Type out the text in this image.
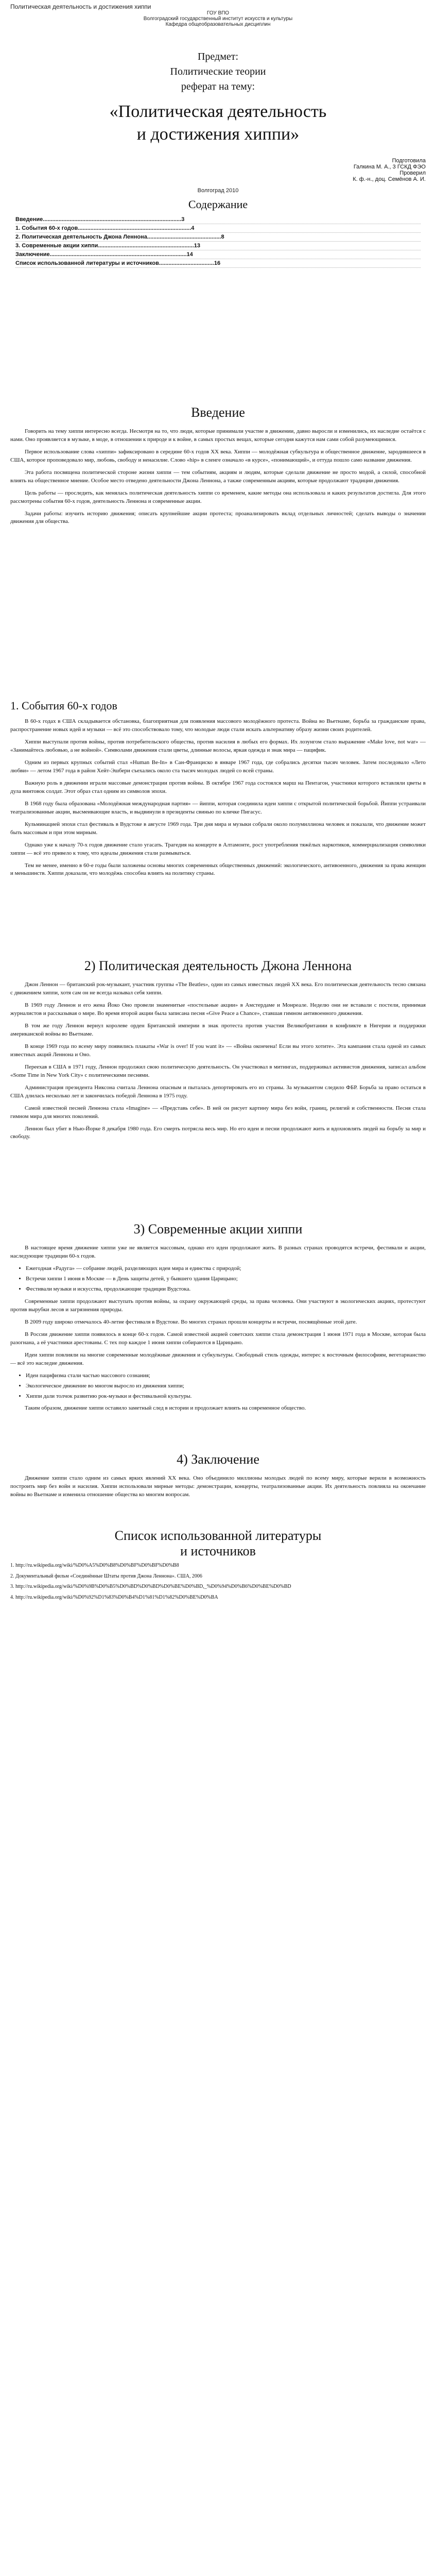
Политическая деятельность и достижения хиппи
ГОУ ВПО
Волгоградский государственный институт искусств и культуры
Кафедра общеобразовательных дисциплин
Предмет:
Политические теории
реферат на тему:
«Политическая деятельность
и достижения хиппи»
Подготовила
Галкина М. А., 3 ГСКД ФЭО
Проверил
К. ф.-н., доц. Семёнов А. И.
Волгоград 2010
Содержание
Введение........................................................................................3
1. События 60-х годов........................................................................4
2. Политическая деятельность Джона Леннона...............................................8
3. Современные акции хиппи.............................................................13
Заключение.......................................................................................14
Список использованной литературы и источников...................................16
Введение

Говорить на тему хиппи интересно всегда. Несмотря на то, что люди, которые принимали участие в движении, давно выросли и изменились, их наследие остаётся с нами. Оно проявляется в музыке, в моде, в отношении к природе и к войне, в самых простых вещах, которые сегодня кажутся нам сами собой разумеющимися.

Первое использование слова «хиппи» зафиксировано в середине 60-х годов XX века. Хиппи — молодёжная субкультура и общественное движение, зародившееся в США, которое проповедовало мир, любовь, свободу и ненасилие. Слово «hip» в сленге означало «в курсе», «понимающий», и оттуда пошло само название движения.

Эта работа посвящена политической стороне жизни хиппи — тем событиям, акциям и людям, которые сделали движение не просто модой, а силой, способной влиять на общественное мнение. Особое место отведено деятельности Джона Леннона, а также современным акциям, которые продолжают традиции движения.

Цель работы — проследить, как менялась политическая деятельность хиппи со временем, какие методы она использовала и каких результатов достигла. Для этого рассмотрены события 60-х годов, деятельность Леннона и современные акции.

Задачи работы: изучить историю движения; описать крупнейшие акции протеста; проанализировать вклад отдельных личностей; сделать выводы о значении движения для общества.

1. События 60-х годов

В 60-х годах в США складывается обстановка, благоприятная для появления массового молодёжного протеста. Война во Вьетнаме, борьба за гражданские права, распространение новых идей и музыки — всё это способствовало тому, что молодые люди стали искать альтернативу образу жизни своих родителей.

Хиппи выступали против войны, против потребительского общества, против насилия в любых его формах. Их лозунгом стало выражение «Make love, not war» — «Занимайтесь любовью, а не войной». Символами движения стали цветы, длинные волосы, яркая одежда и знак мира — пацифик.

Одним из первых крупных событий стал «Human Be-In» в Сан-Франциско в январе 1967 года, где собрались десятки тысяч человек. Затем последовало «Лето любви» — летом 1967 года в район Хейт-Эшбери съехались около ста тысяч молодых людей со всей страны.

Важную роль в движении играли массовые демонстрации против войны. В октябре 1967 года состоялся марш на Пентагон, участники которого вставляли цветы в дула винтовок солдат. Этот образ стал одним из символов эпохи.

В 1968 году была образована «Молодёжная международная партия» — йиппи, которая соединила идеи хиппи с открытой политической борьбой. Йиппи устраивали театрализованные акции, высмеивающие власть, и выдвинули в президенты свинью по кличке Пигасус.

Кульминацией эпохи стал фестиваль в Вудстоке в августе 1969 года. Три дня мира и музыки собрали около полумиллиона человек и показали, что движение может быть массовым и при этом мирным.

Однако уже к началу 70-х годов движение стало угасать. Трагедия на концерте в Алтамонте, рост употребления тяжёлых наркотиков, коммерциализация символики хиппи — всё это привело к тому, что идеалы движения стали размываться.

Тем не менее, именно в 60-е годы были заложены основы многих современных общественных движений: экологического, антивоенного, движения за права женщин и меньшинств. Хиппи доказали, что молодёжь способна влиять на политику страны.

2) Политическая деятельность Джона Леннона

Джон Леннон — британский рок-музыкант, участник группы «The Beatles», один из самых известных людей XX века. Его политическая деятельность тесно связана с движением хиппи, хотя сам он не всегда называл себя хиппи.

В 1969 году Леннон и его жена Йоко Оно провели знаменитые «постельные акции» в Амстердаме и Монреале. Неделю они не вставали с постели, принимая журналистов и рассказывая о мире. Во время второй акции была записана песня «Give Peace a Chance», ставшая гимном антивоенного движения.

В том же году Леннон вернул королеве орден Британской империи в знак протеста против участия Великобритании в конфликте в Нигерии и поддержки американской войны во Вьетнаме.

В конце 1969 года по всему миру появились плакаты «War is over! If you want it» — «Война окончена! Если вы этого хотите». Эта кампания стала одной из самых известных акций Леннона и Оно.

Переехав в США в 1971 году, Леннон продолжил свою политическую деятельность. Он участвовал в митингах, поддерживал активистов движения, записал альбом «Some Time in New York City» с политическими песнями.

Администрация президента Никсона считала Леннона опасным и пыталась депортировать его из страны. За музыкантом следило ФБР. Борьба за право остаться в США длилась несколько лет и закончилась победой Леннона в 1975 году.

Самой известной песней Леннона стала «Imagine» — «Представь себе». В ней он рисует картину мира без войн, границ, религий и собственности. Песня стала гимном мира для многих поколений.

Леннон был убит в Нью-Йорке 8 декабря 1980 года. Его смерть потрясла весь мир. Но его идеи и песни продолжают жить и вдохновлять людей на борьбу за мир и свободу.

3) Современные акции хиппи

В настоящее время движение хиппи уже не является массовым, однако его идеи продолжают жить. В разных странах проводятся встречи, фестивали и акции, наследующие традиции 60-х годов.

• Ежегодная «Радуга» — собрание людей, разделяющих идеи мира и единства с природой;
• Встречи хиппи 1 июня в Москве — в День защиты детей, у бывшего здания Царицыно;
• Фестивали музыки и искусства, продолжающие традиции Вудстока.

Современные хиппи продолжают выступать против войны, за охрану окружающей среды, за права человека. Они участвуют в экологических акциях, протестуют против вырубки лесов и загрязнения природы.

В 2009 году широко отмечалось 40-летие фестиваля в Вудстоке. Во многих странах прошли концерты и встречи, посвящённые этой дате.

В России движение хиппи появилось в конце 60-х годов. Самой известной акцией советских хиппи стала демонстрация 1 июня 1971 года в Москве, которая была разогнана, а её участники арестованы. С тех пор каждое 1 июня хиппи собираются в Царицыно.

Идеи хиппи повлияли на многие современные молодёжные движения и субкультуры. Свободный стиль одежды, интерес к восточным философиям, вегетарианство — всё это наследие движения.

• Идеи пацифизма стали частью массового сознания;
• Экологическое движение во многом выросло из движения хиппи;
• Хиппи дали толчок развитию рок-музыки и фестивальной культуры.

Таким образом, движение хиппи оставило заметный след в истории и продолжает влиять на современное общество.

4) Заключение

Движение хиппи стало одним из самых ярких явлений XX века. Оно объединило миллионы молодых людей по всему миру, которые верили в возможность построить мир без войн и насилия. Хиппи использовали мирные методы: демонстрации, концерты, театрализованные акции. Их деятельность повлияла на окончание войны во Вьетнаме и изменила отношение общества ко многим вопросам.

Список использованной литературы
и источников

1. http://ru.wikipedia.org/wiki/%D0%A5%D0%B8%D0%BF%D0%BF%D0%B8

2. Документальный фильм «Соединённые Штаты против Джона Леннона». США, 2006

3. http://ru.wikipedia.org/wiki/%D0%9B%D0%B5%D0%BD%D0%BD%D0%BE%D0%BD,_%D0%94%D0%B6%D0%BE%D0%BD

4. http://ru.wikipedia.org/wiki/%D0%92%D1%83%D0%B4%D1%81%D1%82%D0%BE%D0%BA
